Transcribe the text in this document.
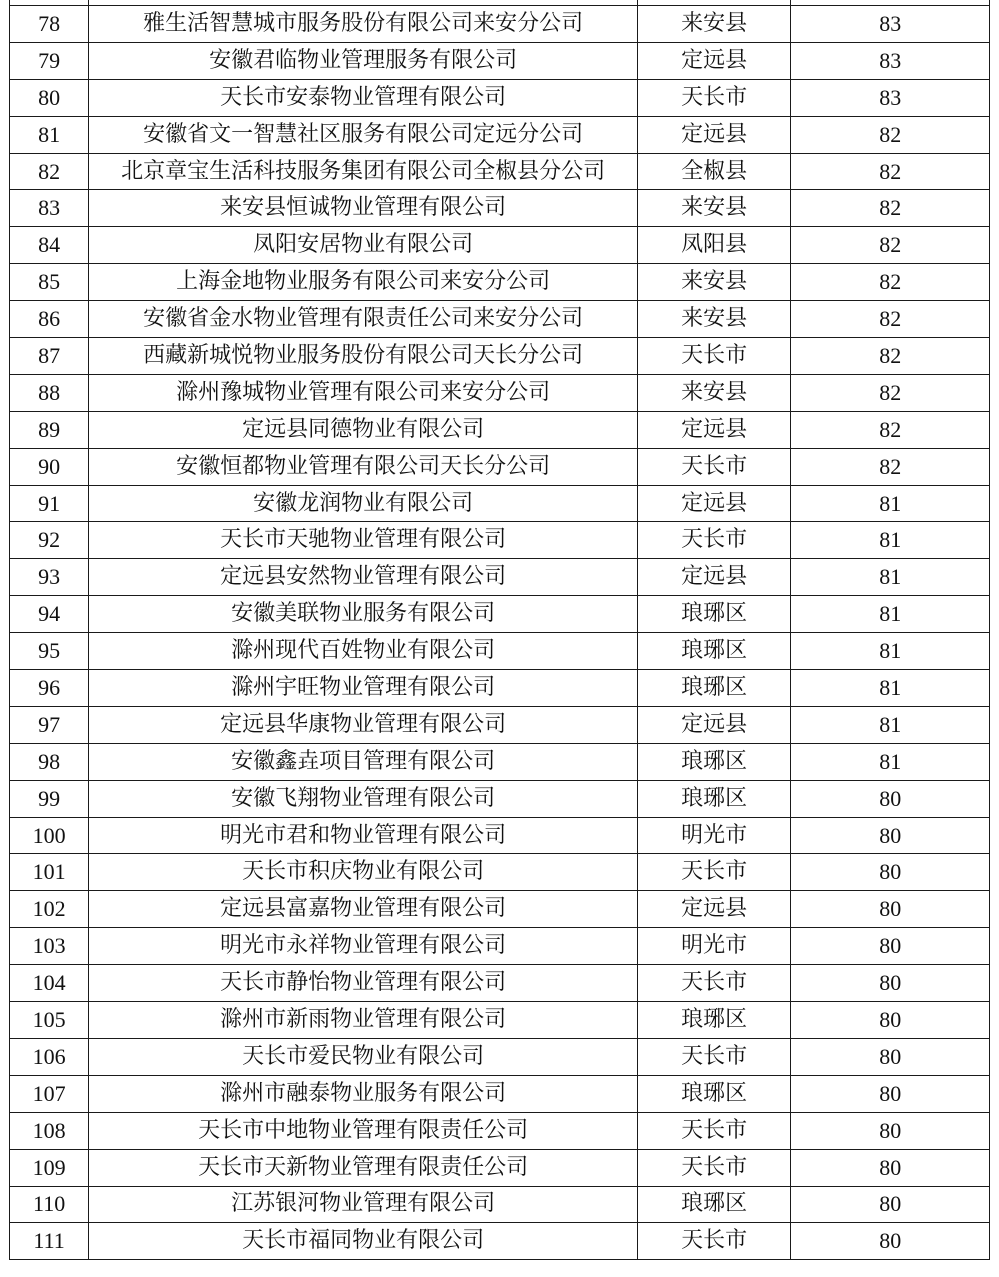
78	雅生活智慧城市服务股份有限公司来安分公司	来安县	83
79	安徽君临物业管理服务有限公司	定远县	83
80	天长市安泰物业管理有限公司	天长市	83
81	安徽省文一智慧社区服务有限公司定远分公司	定远县	82
82	北京章宝生活科技服务集团有限公司全椒县分公司	全椒县	82
83	来安县恒诚物业管理有限公司	来安县	82
84	凤阳安居物业有限公司	凤阳县	82
85	上海金地物业服务有限公司来安分公司	来安县	82
86	安徽省金水物业管理有限责任公司来安分公司	来安县	82
87	西藏新城悦物业服务股份有限公司天长分公司	天长市	82
88	滁州豫城物业管理有限公司来安分公司	来安县	82
89	定远县同德物业有限公司	定远县	82
90	安徽恒都物业管理有限公司天长分公司	天长市	82
91	安徽龙润物业有限公司	定远县	81
92	天长市天驰物业管理有限公司	天长市	81
93	定远县安然物业管理有限公司	定远县	81
94	安徽美联物业服务有限公司	琅琊区	81
95	滁州现代百姓物业有限公司	琅琊区	81
96	滁州宇旺物业管理有限公司	琅琊区	81
97	定远县华康物业管理有限公司	定远县	81
98	安徽鑫垚项目管理有限公司	琅琊区	81
99	安徽飞翔物业管理有限公司	琅琊区	80
100	明光市君和物业管理有限公司	明光市	80
101	天长市积庆物业有限公司	天长市	80
102	定远县富嘉物业管理有限公司	定远县	80
103	明光市永祥物业管理有限公司	明光市	80
104	天长市静怡物业管理有限公司	天长市	80
105	滁州市新雨物业管理有限公司	琅琊区	80
106	天长市爱民物业有限公司	天长市	80
107	滁州市融泰物业服务有限公司	琅琊区	80
108	天长市中地物业管理有限责任公司	天长市	80
109	天长市天新物业管理有限责任公司	天长市	80
110	江苏银河物业管理有限公司	琅琊区	80
111	天长市福同物业有限公司	天长市	80
